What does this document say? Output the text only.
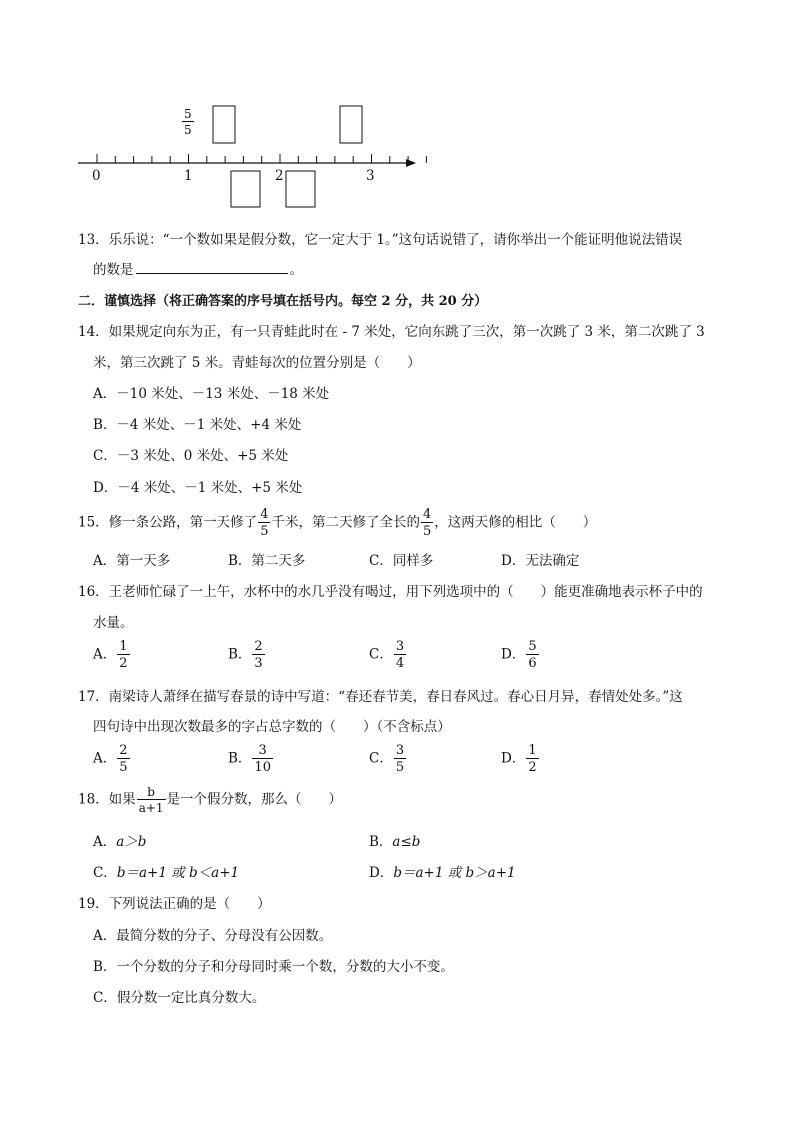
0	1	2	3
$\frac{5}{5}$
13．乐乐说：“一个数如果是假分数，它一定大于 1。”这句话说错了，请你举出一个能证明他说法错误
的数是	。
二．谨慎选择（将正确答案的序号填在括号内。每空 2 分，共 20 分）
14．如果规定向东为正，有一只青蛙此时在 - 7 米处，它向东跳了三次，第一次跳了 3 米，第二次跳了 3
米，第三次跳了 5 米。青蛙每次的位置分别是（　　）
A．－10 米处、－13 米处、－18 米处
B．－4 米处、－1 米处、+4 米处
C．－3 米处、0 米处、+5 米处
D．－4 米处、－1 米处、+5 米处
15．修一条公路，第一天修了 $\frac{4}{5}$ 千米，第二天修了全长的 $\frac{4}{5}$ ，这两天修的相比（　　）
A．第一天多	B．第二天多	C．同样多	D．无法确定
16．王老师忙碌了一上午，水杯中的水几乎没有喝过，用下列选项中的（　　）能更准确地表示杯子中的
水量。
A． $\frac{1}{2}$	B． $\frac{2}{3}$	C． $\frac{3}{4}$	D． $\frac{5}{6}$
17．南梁诗人萧绎在描写春景的诗中写道：“春还春节美，春日春风过。春心日月异，春情处处多。”这
四句诗中出现次数最多的字占总字数的（　　）（不含标点）
A． $\frac{2}{5}$	B． $\frac{3}{10}$	C． $\frac{3}{5}$	D． $\frac{1}{2}$
18．如果 $\frac{b}{a+1}$ 是一个假分数，那么（　　）
A．a＞b	B．a≤b
C．b＝a+1 或 b＜a+1	D．b＝a+1 或 b＞a+1
19．下列说法正确的是（　　）
A．最简分数的分子、分母没有公因数。
B．一个分数的分子和分母同时乘一个数，分数的大小不变。
C．假分数一定比真分数大。
